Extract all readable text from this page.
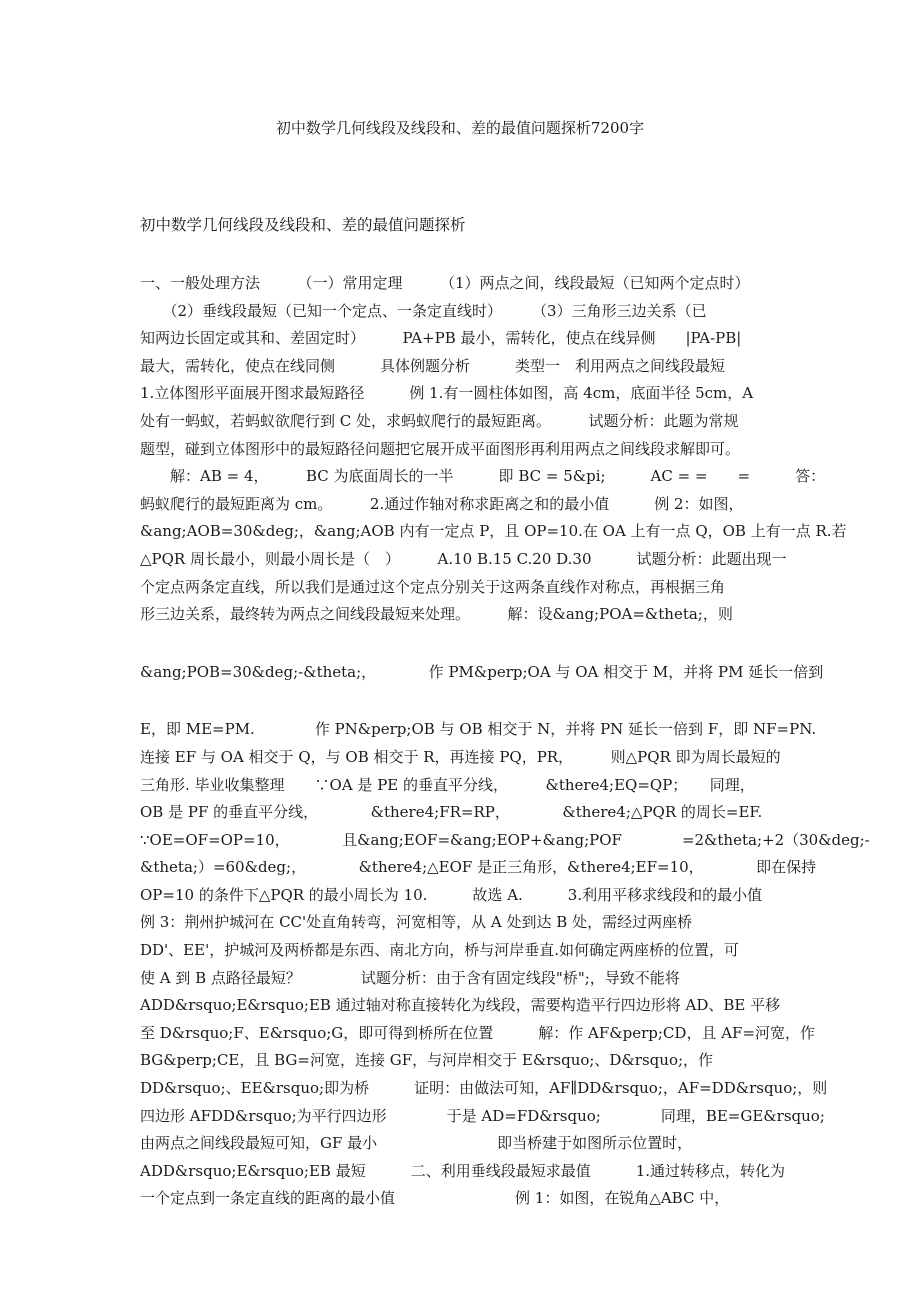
初中数学几何线段及线段和、差的最值问题探析7200字
初中数学几何线段及线段和、差的最值问题探析
一、一般处理方法　　　（一）常用定理　　　（1）两点之间，线段最短（已知两个定点时）
　　（2）垂线段最短（已知一个定点、一条定直线时）　　　（3）三角形三边关系（已
知两边长固定或其和、差固定时）　　　PA+PB 最小，需转化，使点在线异侧　　|PA-PB|
最大，需转化，使点在线同侧　　　具体例题分析　　　类型一　利用两点之间线段最短
1.立体图形平面展开图求最短路径　　　例 1.有一圆柱体如图，高 4cm，底面半径 5cm，A
处有一蚂蚁，若蚂蚁欲爬行到 C 处，求蚂蚁爬行的最短距离。　　　试题分析：此题为常规
题型，碰到立体图形中的最短路径问题把它展开成平面图形再利用两点之间线段求解即可。
　　解：AB = 4，　　　BC 为底面周长的一半　　　即 BC = 5&pi;　　　AC = =　　=　　　答：
蚂蚁爬行的最短距离为 cm。　　　2.通过作轴对称求距离之和的最小值　　　例 2：如图，
&ang;AOB=30&deg;，&ang;AOB 内有一定点 P，且 OP=10.在 OA 上有一点 Q，OB 上有一点 R.若
△PQR 周长最小，则最小周长是（　）　　　A.10 B.15 C.20 D.30　　　试题分析：此题出现一
个定点两条定直线，所以我们是通过这个定点分别关于这两条直线作对称点，再根据三角
形三边关系，最终转为两点之间线段最短来处理。　　　解：设&ang;POA=&theta;，则
&ang;POB=30&deg;-&theta;，　　　　作 PM&perp;OA 与 OA 相交于 M，并将 PM 延长一倍到
E，即 ME=PM.　　　　作 PN&perp;OB 与 OB 相交于 N，并将 PN 延长一倍到 F，即 NF=PN.
连接 EF 与 OA 相交于 Q，与 OB 相交于 R，再连接 PQ，PR，　　　则△PQR 即为周长最短的
三角形. 毕业收集整理　　∵OA 是 PE 的垂直平分线，　　　&there4;EQ=QP；　　同理，
OB 是 PF 的垂直平分线，　　　　&there4;FR=RP，　　　　&there4;△PQR 的周长=EF.
∵OE=OF=OP=10，　　　　且&ang;EOF=&ang;EOP+&ang;POF　　　　=2&theta;+2（30&deg;-
&theta;）=60&deg;，　　　　&there4;△EOF 是正三角形，&there4;EF=10，　　　　即在保持
OP=10 的条件下△PQR 的最小周长为 10.　　　故选 A.　　　3.利用平移求线段和的最小值
例 3：荆州护城河在 CC'处直角转弯，河宽相等，从 A 处到达 B 处，需经过两座桥
DD'、EE'，护城河及两桥都是东西、南北方向，桥与河岸垂直.如何确定两座桥的位置，可
使 A 到 B 点路径最短？　　　　试题分析：由于含有固定线段"桥";，导致不能将
ADD&rsquo;E&rsquo;EB 通过轴对称直接转化为线段，需要构造平行四边形将 AD、BE 平移
至 D&rsquo;F、E&rsquo;G，即可得到桥所在位置　　　解：作 AF&perp;CD，且 AF=河宽，作
BG&perp;CE，且 BG=河宽，连接 GF，与河岸相交于 E&rsquo;、D&rsquo;，作
DD&rsquo;、EE&rsquo;即为桥　　　证明：由做法可知，AF∥DD&rsquo;，AF=DD&rsquo;，则
四边形 AFDD&rsquo;为平行四边形　　　　于是 AD=FD&rsquo;　　　　同理，BE=GE&rsquo;
由两点之间线段最短可知，GF 最小　　　　　　　　即当桥建于如图所示位置时，
ADD&rsquo;E&rsquo;EB 最短　　　二、利用垂线段最短求最值　　　1.通过转移点，转化为
一个定点到一条定直线的距离的最小值　　　　　　　　例 1：如图，在锐角△ABC 中，
